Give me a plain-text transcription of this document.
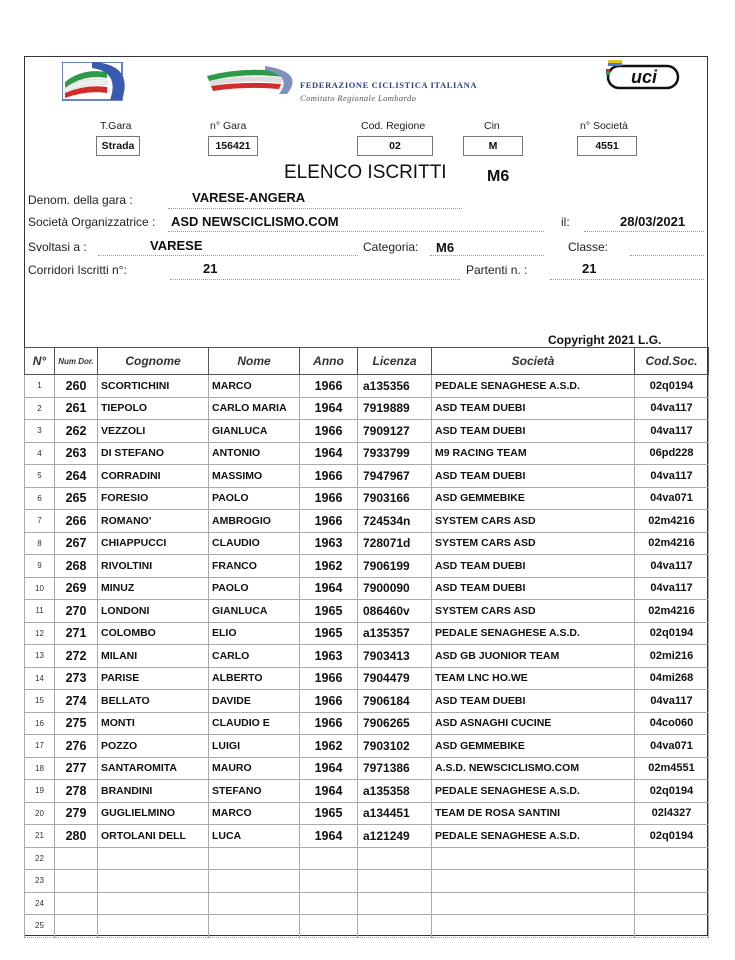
FEDERAZIONE CICLISTICA ITALIANA
Comitato Regionale Lombardo
uci
T.Gara
Strada
n° Gara
156421
Cod. Regione
02
Cin
M
n° Società
4551
ELENCO ISCRITTI	M6
Denom. della gara :	VARESE-ANGERA
Società Organizzatrice : ASD NEWSCICLISMO.COM	il:	28/03/2021
Svoltasi a :	VARESE	Categoria: M6	Classe:
Corridori Iscritti n°:	21	Partenti n. :	21
Copyright 2021 L.G.
N°	Num Dor.	Cognome	Nome	Anno	Licenza	Società	Cod.Soc.
1	260	SCORTICHINI	MARCO	1966	a135356	PEDALE SENAGHESE A.S.D.	02q0194
2	261	TIEPOLO	CARLO MARIA	1964	7919889	ASD TEAM DUEBI	04va117
3	262	VEZZOLI	GIANLUCA	1966	7909127	ASD TEAM DUEBI	04va117
4	263	DI STEFANO	ANTONIO	1964	7933799	M9 RACING TEAM	06pd228
5	264	CORRADINI	MASSIMO	1966	7947967	ASD TEAM DUEBI	04va117
6	265	FORESIO	PAOLO	1966	7903166	ASD GEMMEBIKE	04va071
7	266	ROMANO'	AMBROGIO	1966	724534n	SYSTEM CARS ASD	02m4216
8	267	CHIAPPUCCI	CLAUDIO	1963	728071d	SYSTEM CARS ASD	02m4216
9	268	RIVOLTINI	FRANCO	1962	7906199	ASD TEAM DUEBI	04va117
10	269	MINUZ	PAOLO	1964	7900090	ASD TEAM DUEBI	04va117
11	270	LONDONI	GIANLUCA	1965	086460v	SYSTEM CARS ASD	02m4216
12	271	COLOMBO	ELIO	1965	a135357	PEDALE SENAGHESE A.S.D.	02q0194
13	272	MILANI	CARLO	1963	7903413	ASD GB JUONIOR TEAM	02mi216
14	273	PARISE	ALBERTO	1966	7904479	TEAM LNC HO.WE	04mi268
15	274	BELLATO	DAVIDE	1966	7906184	ASD TEAM DUEBI	04va117
16	275	MONTI	CLAUDIO E	1966	7906265	ASD ASNAGHI CUCINE	04co060
17	276	POZZO	LUIGI	1962	7903102	ASD GEMMEBIKE	04va071
18	277	SANTAROMITA	MAURO	1964	7971386	A.S.D. NEWSCICLISMO.COM	02m4551
19	278	BRANDINI	STEFANO	1964	a135358	PEDALE SENAGHESE A.S.D.	02q0194
20	279	GUGLIELMINO	MARCO	1965	a134451	TEAM DE ROSA SANTINI	02l4327
21	280	ORTOLANI DELL	LUCA	1964	a121249	PEDALE SENAGHESE A.S.D.	02q0194
22							
23							
24							
25							
